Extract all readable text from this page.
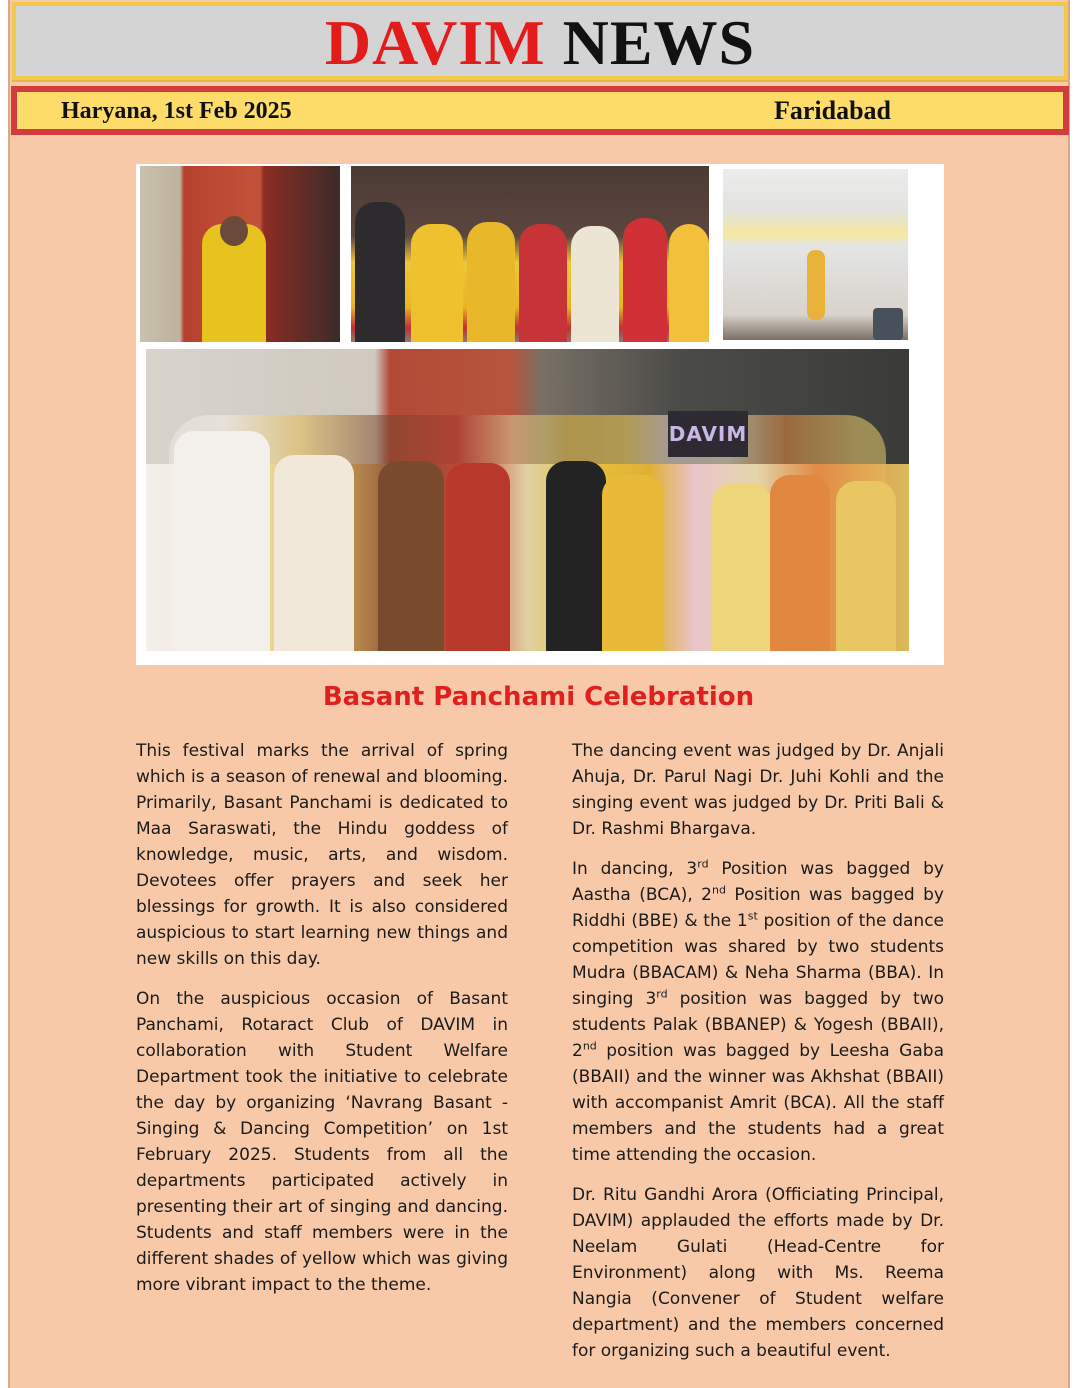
DAVIM NEWS
Haryana, 1st Feb 2025	Faridabad
DAVIM
Basant Panchami Celebration

This festival marks the arrival of spring which is a season of renewal and blooming. Primarily, Basant Panchami is dedicated to Maa Saraswati, the Hindu goddess of knowledge, music, arts, and wisdom. Devotees offer prayers and seek her blessings for growth. It is also considered auspicious to start learning new things and new skills on this day.

On the auspicious occasion of Basant Panchami, Rotaract Club of DAVIM in collaboration with Student Welfare Department took the initiative to celebrate the day by organizing ‘Navrang Basant - Singing & Dancing Competition’ on 1st February 2025. Students from all the departments participated actively in presenting their art of singing and dancing. Students and staff members were in the different shades of yellow which was giving more vibrant impact to the theme.

The dancing event was judged by Dr. Anjali Ahuja, Dr. Parul Nagi Dr. Juhi Kohli and the singing event was judged by Dr. Priti Bali & Dr. Rashmi Bhargava.

In dancing, 3rd Position was bagged by Aastha (BCA), 2nd Position was bagged by Riddhi (BBE) & the 1st position of the dance competition was shared by two students Mudra (BBACAM) & Neha Sharma (BBA). In singing 3rd position was bagged by two students Palak (BBANEP) & Yogesh (BBAII), 2nd position was bagged by Leesha Gaba (BBAII) and the winner was Akhshat (BBAII) with accompanist Amrit (BCA). All the staff members and the students had a great time attending the occasion.

Dr. Ritu Gandhi Arora (Officiating Principal, DAVIM) applauded the efforts made by Dr. Neelam Gulati (Head-Centre for Environment) along with Ms. Reema Nangia (Convener of Student welfare department) and the members concerned for organizing such a beautiful event.
